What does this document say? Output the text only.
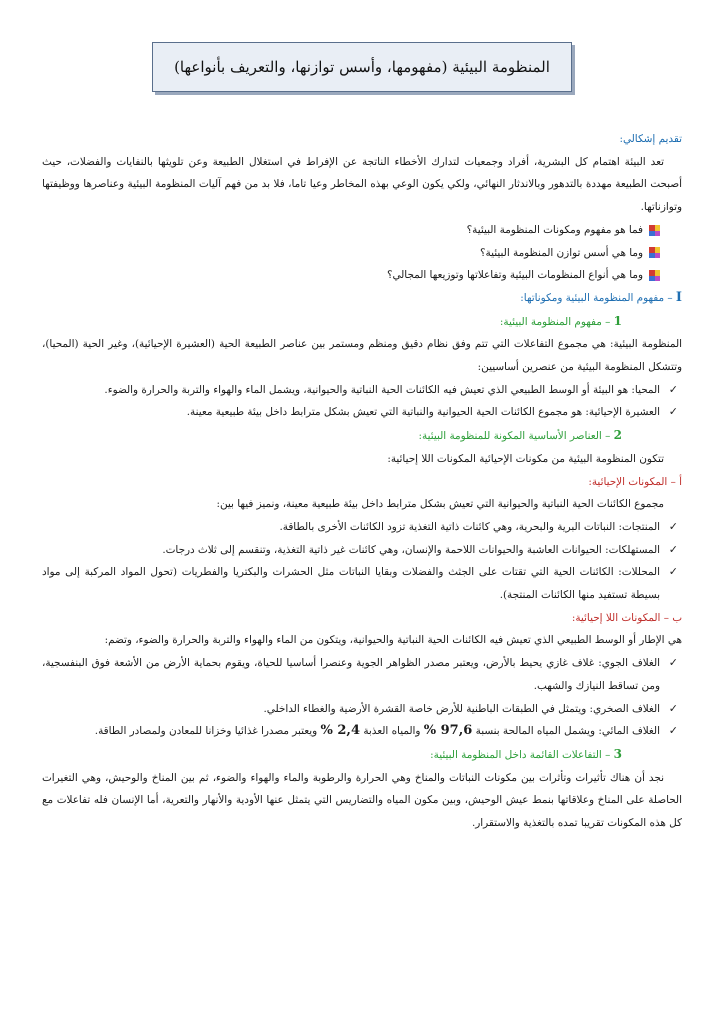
المنظومة البيئية (مفهومها، وأسس توازنها، والتعريف بأنواعها)

تقديم إشكالي:

تعد البيئة اهتمام كل البشرية، أفراد وجمعيات لتدارك الأخطاء الناتجة عن الإفراط في استغلال الطبيعة وعن تلويثها بالنفايات والفضلات، حيث أصبحت الطبيعة مهددة بالتدهور وبالاندثار النهائي، ولكي يكون الوعي بهذه المخاطر وعيا تاما، فلا بد من فهم آليات المنظومة البيئية وعناصرها ووظيفتها وتوازناتها.

فما هو مفهوم ومكونات المنظومة البيئية؟

وما هي أسس توازن المنظومة البيئية؟

وما هي أنواع المنظومات البيئية وتفاعلاتها وتوزيعها المجالي؟

I – مفهوم المنظومة البيئية ومكوناتها:

1 – مفهوم المنظومة البيئية:

المنظومة البيئية: هي مجموع التفاعلات التي تتم وفق نظام دقيق ومنظم ومستمر بين عناصر الطبيعة الحية (العشيرة الإحيائية)، وغير الحية (المحيا)، وتتشكل المنظومة البيئية من عنصرين أساسيين:

✓
المحيا: هو البيئة أو الوسط الطبيعي الذي تعيش فيه الكائنات الحية النباتية والحيوانية، ويشمل الماء والهواء والتربة والحرارة والضوء.

✓
العشيرة الإحيائية: هو مجموع الكائنات الحية الحيوانية والنباتية التي تعيش بشكل مترابط داخل بيئة طبيعية معينة.

2 – العناصر الأساسية المكونة للمنظومة البيئية:

تتكون المنظومة البيئية من مكونات الإحيائية المكونات اللا إحيائية:

أ – المكونات الإحيائية:

مجموع الكائنات الحية النباتية والحيوانية التي تعيش بشكل مترابط داخل بيئة طبيعية معينة، ونميز فيها بين:

✓
المنتجات: النباتات البرية والبحرية، وهي كائنات ذاتية التغذية تزود الكائنات الأخرى بالطاقة.

✓
المستهلكات: الحيوانات العاشبة والحيوانات اللاحمة والإنسان، وهي كائنات غير ذاتية التغذية، وتنقسم إلى ثلاث درجات.

✓
المحللات: الكائنات الحية التي تقتات على الجثث والفضلات وبقايا النباتات مثل الحشرات والبكتريا والفطريات (تحول المواد المركبة إلى مواد بسيطة تستفيد منها الكائنات المنتجة).

ب – المكونات اللا إحيائية:

هي الإطار أو الوسط الطبيعي الذي تعيش فيه الكائنات الحية النباتية والحيوانية، ويتكون من الماء والهواء والتربة والحرارة والضوء، وتضم:

✓
الغلاف الجوي: غلاف غازي يحيط بالأرض، ويعتبر مصدر الظواهر الجوية وعنصرا أساسيا للحياة، ويقوم بحماية الأرض من الأشعة فوق البنفسجية، ومن تساقط النيازك والشهب.

✓
الغلاف الصخري: ويتمثل في الطبقات الباطنية للأرض خاصة القشرة الأرضية والغطاء الداخلي.

✓
الغلاف المائي: ويشمل المياه المالحة بنسبة 97,6 % والمياه العذبة 2,4 % ويعتبر مصدرا غذائيا وخزانا للمعادن ولمصادر الطاقة.

3 – التفاعلات القائمة داخل المنظومة البيئية:

نجد أن هناك تأثيرات وتأثرات بين مكونات النباتات والمناخ وهي الحرارة والرطوبة والماء والهواء والضوء، ثم بين المناخ والوحيش، وهي التغيرات الحاصلة على المناخ وعلاقاتها بنمط عيش الوحيش، وبين مكون المياه والتضاريس التي يتمثل عنها الأودية والأنهار والتعرية، أما الإنسان فله تفاعلات مع كل هذه المكونات تقريبا تمده بالتغذية والاستقرار.
